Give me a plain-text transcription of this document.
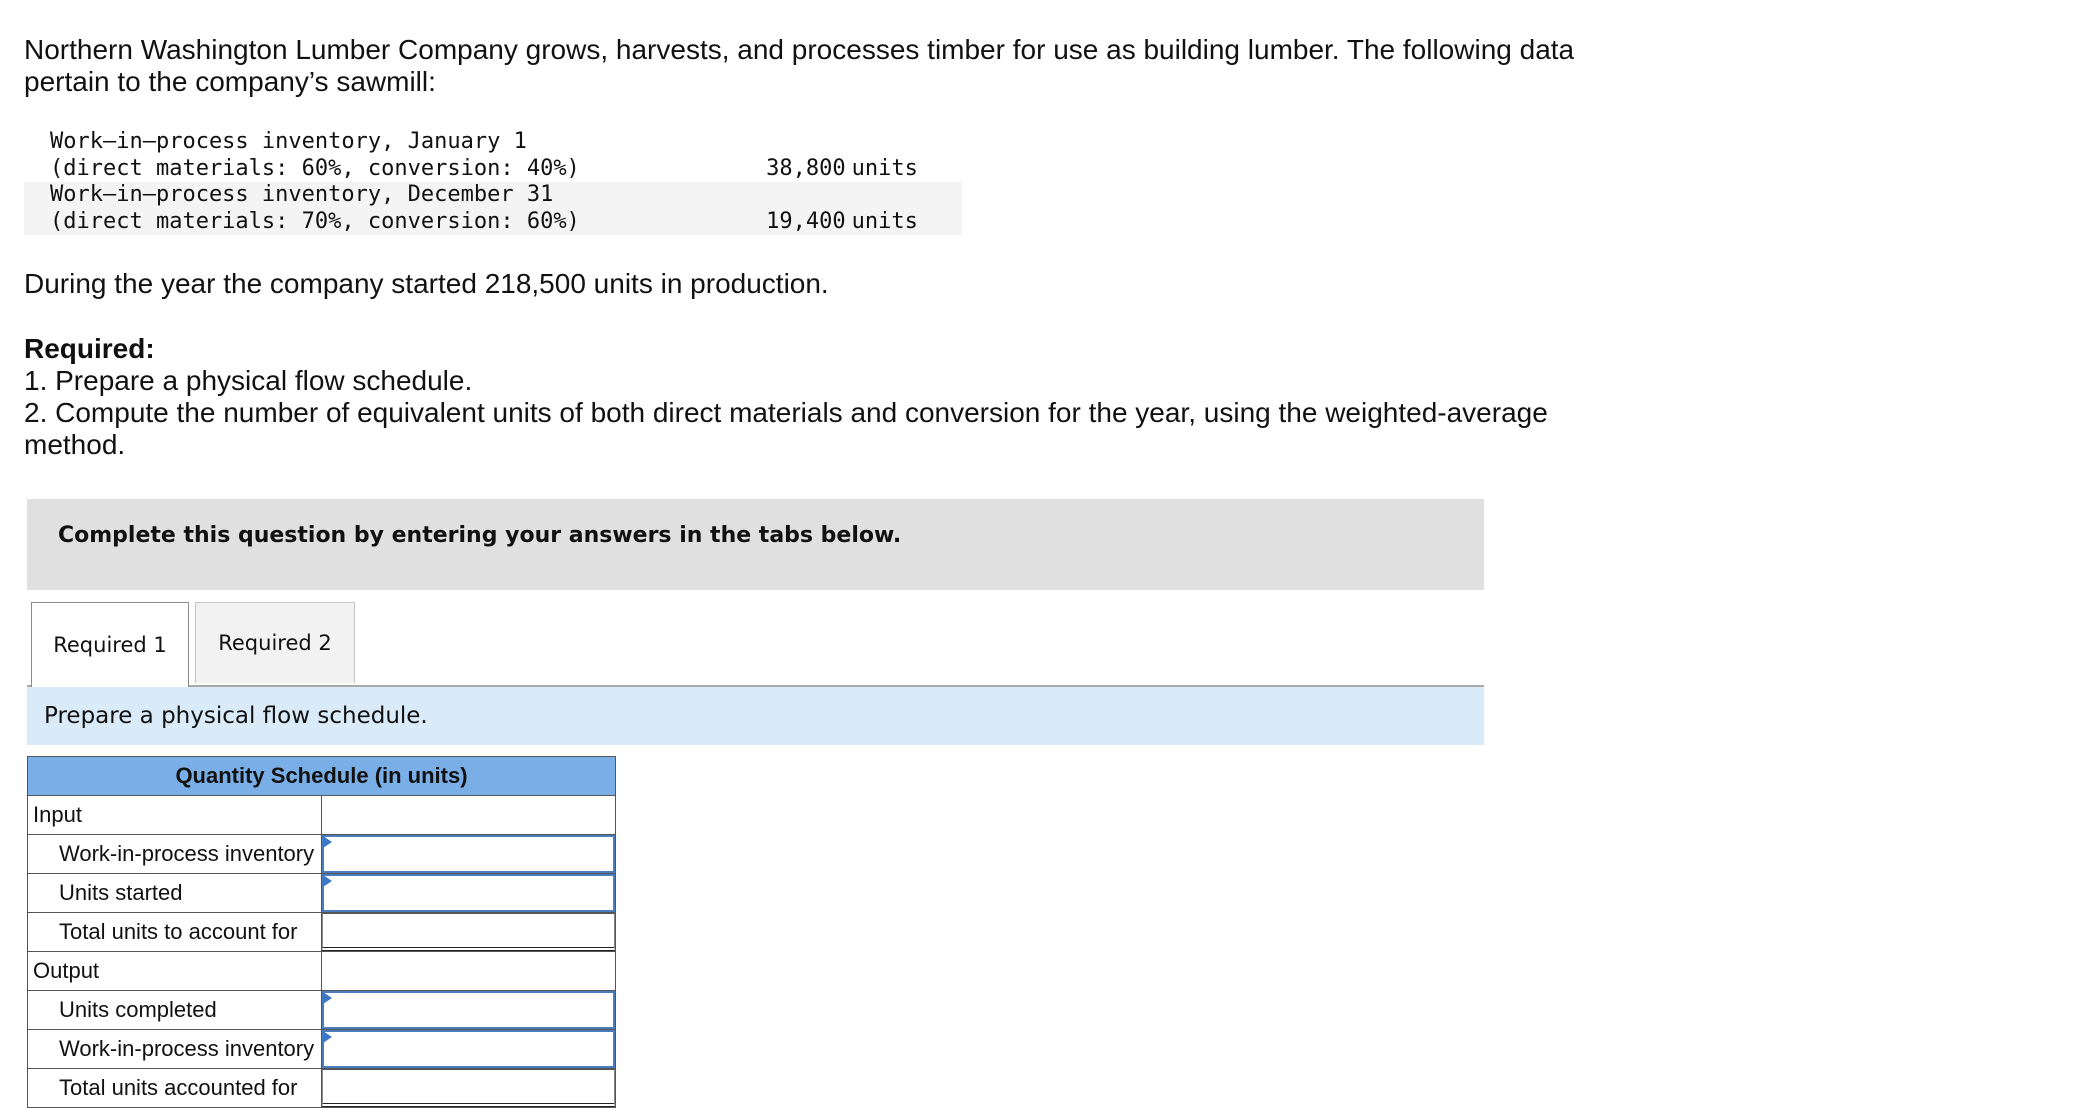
Northern Washington Lumber Company grows, harvests, and processes timber for use as building lumber. The following data pertain to the company’s sawmill:

Work–in–process inventory, January 1		
(direct materials: 60%, conversion: 40%)	38,800	units
Work–in–process inventory, December 31		
(direct materials: 70%, conversion: 60%)	19,400	units

During the year the company started 218,500 units in production.

Required:
1. Prepare a physical flow schedule.
2. Compute the number of equivalent units of both direct materials and conversion for the year, using the weighted-average method.
Complete this question by entering your answers in the tabs below.
Required 1 Required 2
Prepare a physical flow schedule.
Quantity Schedule (in units)	
Input	

Work-in-process inventory	

Units started	

Total units to account for	

Output	

Units completed	

Work-in-process inventory	

Total units accounted for	
